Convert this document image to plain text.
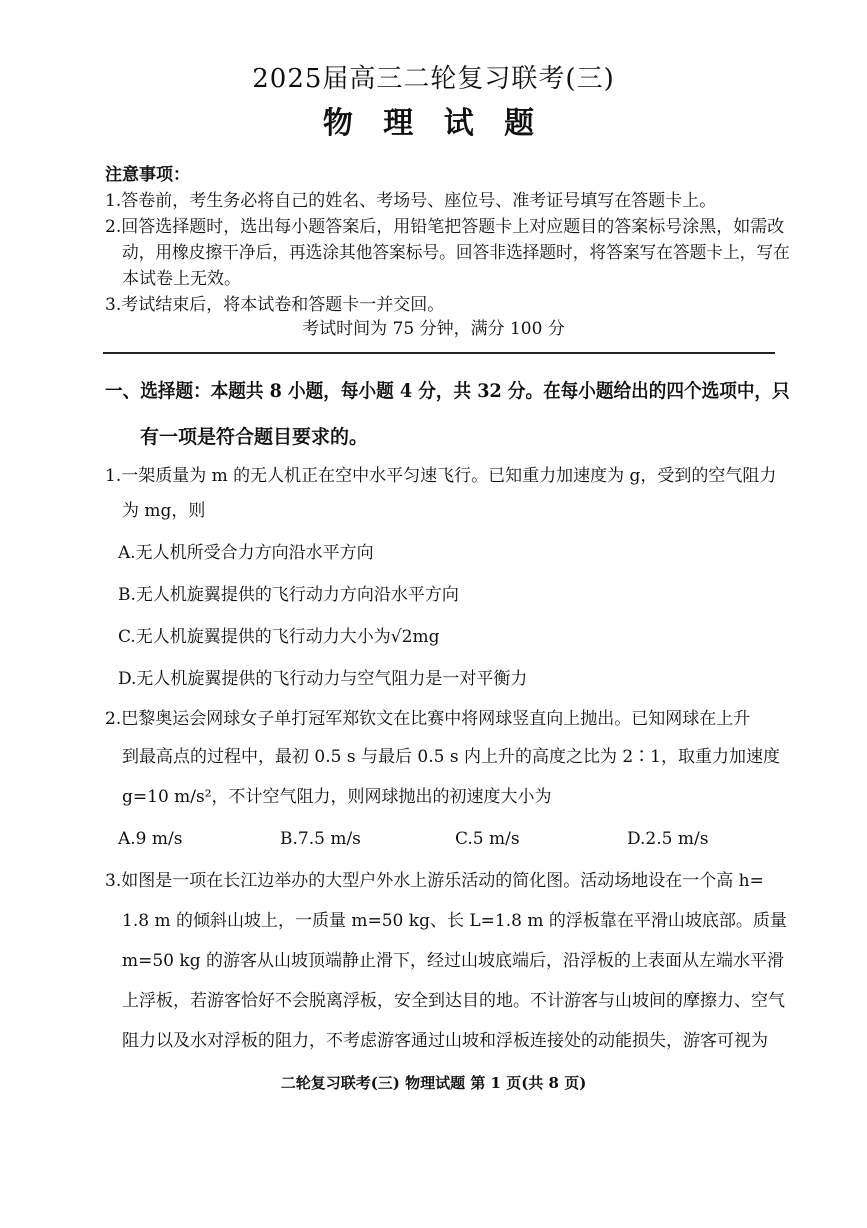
2025届高三二轮复习联考(三)
物 理 试 题
注意事项：
1.答卷前，考生务必将自己的姓名、考场号、座位号、准考证号填写在答题卡上。
2.回答选择题时，选出每小题答案后，用铅笔把答题卡上对应题目的答案标号涂黑，如需改
动，用橡皮擦干净后，再选涂其他答案标号。回答非选择题时，将答案写在答题卡上，写在
本试卷上无效。
3.考试结束后，将本试卷和答题卡一并交回。
考试时间为 75 分钟，满分 100 分
一、选择题：本题共 8 小题，每小题 4 分，共 32 分。在每小题给出的四个选项中，只
有一项是符合题目要求的。
1.一架质量为 m 的无人机正在空中水平匀速飞行。已知重力加速度为 g，受到的空气阻力
为 mg，则
A.无人机所受合力方向沿水平方向
B.无人机旋翼提供的飞行动力方向沿水平方向
C.无人机旋翼提供的飞行动力大小为√2mg
D.无人机旋翼提供的飞行动力与空气阻力是一对平衡力
2.巴黎奥运会网球女子单打冠军郑钦文在比赛中将网球竖直向上抛出。已知网球在上升
到最高点的过程中，最初 0.5 s 与最后 0.5 s 内上升的高度之比为 2∶1，取重力加速度
g=10 m/s²，不计空气阻力，则网球抛出的初速度大小为
A.9 m/s	B.7.5 m/s	C.5 m/s	D.2.5 m/s
3.如图是一项在长江边举办的大型户外水上游乐活动的简化图。活动场地设在一个高 h=
1.8 m 的倾斜山坡上，一质量 m=50 kg、长 L=1.8 m 的浮板靠在平滑山坡底部。质量
m=50 kg 的游客从山坡顶端静止滑下，经过山坡底端后，沿浮板的上表面从左端水平滑
上浮板，若游客恰好不会脱离浮板，安全到达目的地。不计游客与山坡间的摩擦力、空气
阻力以及水对浮板的阻力，不考虑游客通过山坡和浮板连接处的动能损失，游客可视为
二轮复习联考(三) 物理试题 第 1 页(共 8 页)
